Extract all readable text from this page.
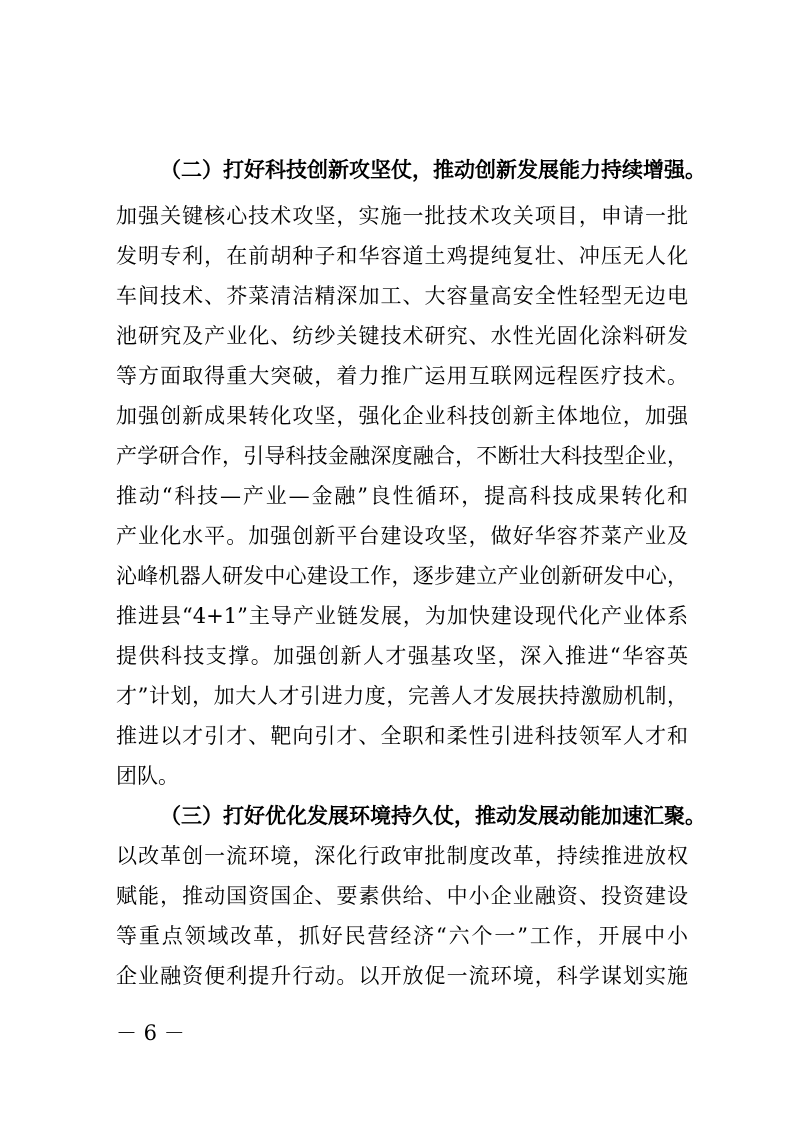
（二）打好科技创新攻坚仗，推动创新发展能力持续增强。
加强关键核心技术攻坚，实施一批技术攻关项目，申请一批
发明专利，在前胡种子和华容道土鸡提纯复壮、冲压无人化
车间技术、芥菜清洁精深加工、大容量高安全性轻型无边电
池研究及产业化、纺纱关键技术研究、水性光固化涂料研发
等方面取得重大突破，着力推广运用互联网远程医疗技术。
加强创新成果转化攻坚，强化企业科技创新主体地位，加强
产学研合作，引导科技金融深度融合，不断壮大科技型企业，
推动“科技—产业—金融”良性循环，提高科技成果转化和
产业化水平。加强创新平台建设攻坚，做好华容芥菜产业及
沁峰机器人研发中心建设工作，逐步建立产业创新研发中心，
推进县“4+1”主导产业链发展，为加快建设现代化产业体系
提供科技支撑。加强创新人才强基攻坚，深入推进“华容英
才”计划，加大人才引进力度，完善人才发展扶持激励机制，
推进以才引才、靶向引才、全职和柔性引进科技领军人才和
团队。
（三）打好优化发展环境持久仗，推动发展动能加速汇聚。
以改革创一流环境，深化行政审批制度改革，持续推进放权
赋能，推动国资国企、要素供给、中小企业融资、投资建设
等重点领域改革，抓好民营经济“六个一”工作，开展中小
企业融资便利提升行动。以开放促一流环境，科学谋划实施
－ 6 －
